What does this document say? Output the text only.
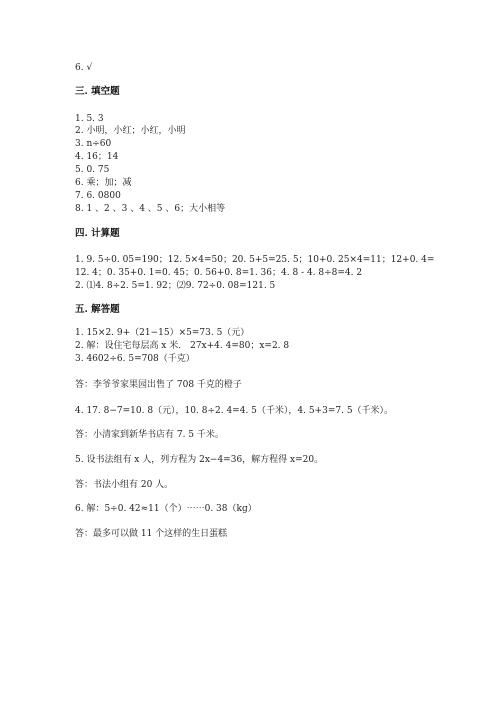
6. √
三. 填空题
1. 5. 3
2. 小明，小红；小红，小明
3. n÷60
4. 16；14
5. 0. 75
6. 乘；加；减
7. 6. 0800
8. 1 、2 、3 、4 、5 、6；大小相等
四. 计算题
1. 9. 5÷0. 05=190；12. 5×4=50；20. 5+5=25. 5；10+0. 25×4=11；12+0. 4=
12. 4；0. 35+0. 1=0. 45；0. 56+0. 8=1. 36；4. 8 - 4. 8÷8=4. 2
2. ⑴4. 8÷2. 5=1. 92；⑵9. 72÷0. 08=121. 5
五. 解答题
1. 15×2. 9+（21−15）×5=73. 5（元）
2. 解：设住宅每层高 x 米． 27x+4. 4=80；x=2. 8
3. 4602÷6. 5=708（千克）
答：李爷爷家果园出售了 708 千克的橙子
4. 17. 8−7=10. 8（元），10. 8÷2. 4=4. 5（千米），4. 5+3=7. 5（千米）。
答：小清家到新华书店有 7. 5 千米。
5. 设书法组有 x 人，列方程为 2x−4=36，解方程得 x=20。
答：书法小组有 20 人。
6. 解：5÷0. 42≈11（个）⋯⋯0. 38（kg）
答：最多可以做 11 个这样的生日蛋糕
